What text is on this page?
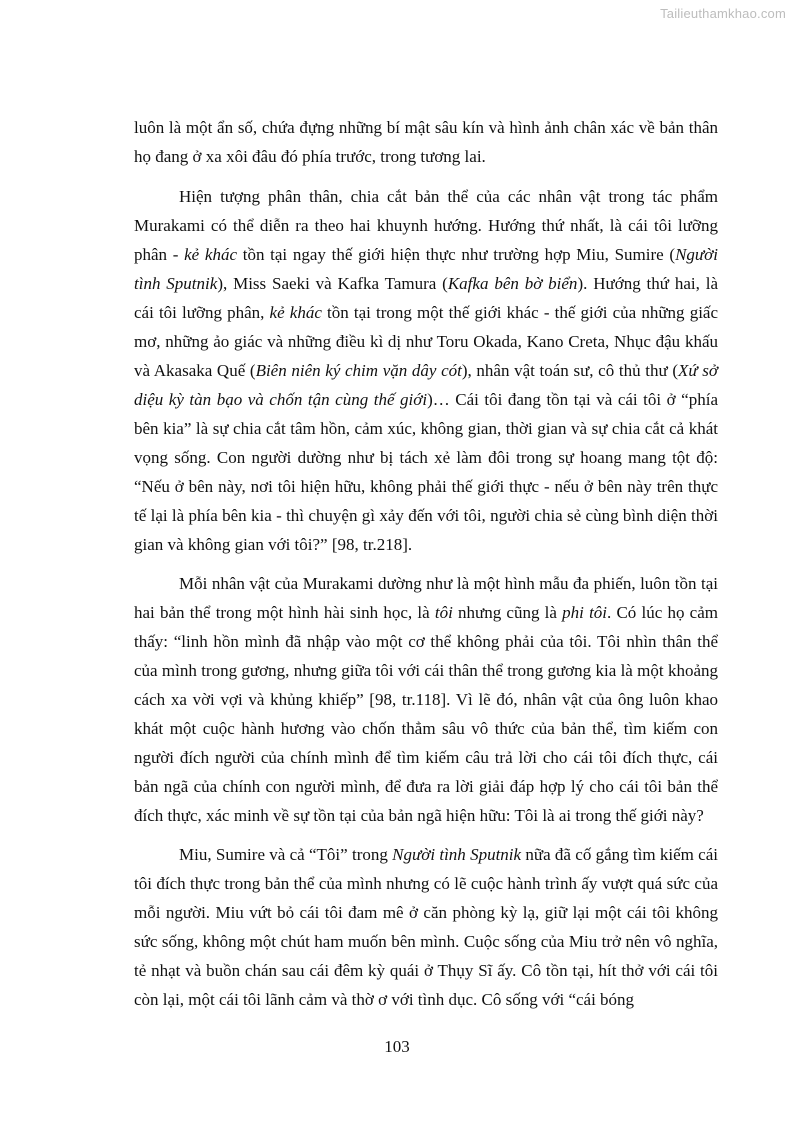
Tailieuthamkhao.com

luôn là một ẩn số, chứa đựng những bí mật sâu kín và hình ảnh chân xác về bản thân họ đang ở xa xôi đâu đó phía trước, trong tương lai.

Hiện tượng phân thân, chia cắt bản thể của các nhân vật trong tác phẩm Murakami có thể diễn ra theo hai khuynh hướng. Hướng thứ nhất, là cái tôi lưỡng phân - kẻ khác tồn tại ngay thế giới hiện thực như trường hợp Miu, Sumire (Người tình Sputnik), Miss Saeki và Kafka Tamura (Kafka bên bờ biển). Hướng thứ hai, là cái tôi lưỡng phân, kẻ khác tồn tại trong một thế giới khác - thế giới của những giấc mơ, những ảo giác và những điều kì dị như Toru Okada, Kano Creta, Nhục đậu khấu và Akasaka Quế (Biên niên ký chim vặn dây cót), nhân vật toán sư, cô thủ thư (Xứ sở diệu kỳ tàn bạo và chốn tận cùng thế giới)… Cái tôi đang tồn tại và cái tôi ở “phía bên kia” là sự chia cắt tâm hồn, cảm xúc, không gian, thời gian và sự chia cắt cả khát vọng sống. Con người dường như bị tách xẻ làm đôi trong sự hoang mang tột độ: “Nếu ở bên này, nơi tôi hiện hữu, không phải thế giới thực - nếu ở bên này trên thực tế lại là phía bên kia - thì chuyện gì xảy đến với tôi, người chia sẻ cùng bình diện thời gian và không gian với tôi?” [98, tr.218].

Mỗi nhân vật của Murakami dường như là một hình mẫu đa phiến, luôn tồn tại hai bản thể trong một hình hài sinh học, là tôi nhưng cũng là phi tôi. Có lúc họ cảm thấy: “linh hồn mình đã nhập vào một cơ thể không phải của tôi. Tôi nhìn thân thể của mình trong gương, nhưng giữa tôi với cái thân thể trong gương kia là một khoảng cách xa vời vợi và khủng khiếp” [98, tr.118]. Vì lẽ đó, nhân vật của ông luôn khao khát một cuộc hành hương vào chốn thẳm sâu vô thức của bản thể, tìm kiếm con người đích người của chính mình để tìm kiếm câu trả lời cho cái tôi đích thực, cái bản ngã của chính con người mình, để đưa ra lời giải đáp hợp lý cho cái tôi bản thể đích thực, xác minh về sự tồn tại của bản ngã hiện hữu: Tôi là ai trong thế giới này?

Miu, Sumire và cả “Tôi” trong Người tình Sputnik nữa đã cố gắng tìm kiếm cái tôi đích thực trong bản thể của mình nhưng có lẽ cuộc hành trình ấy vượt quá sức của mỗi người. Miu vứt bỏ cái tôi đam mê ở căn phòng kỳ lạ, giữ lại một cái tôi không sức sống, không một chút ham muốn bên mình. Cuộc sống của Miu trở nên vô nghĩa, tẻ nhạt và buồn chán sau cái đêm kỳ quái ở Thụy Sĩ ấy. Cô tồn tại, hít thở với cái tôi còn lại, một cái tôi lãnh cảm và thờ ơ với tình dục. Cô sống với “cái bóng

103
